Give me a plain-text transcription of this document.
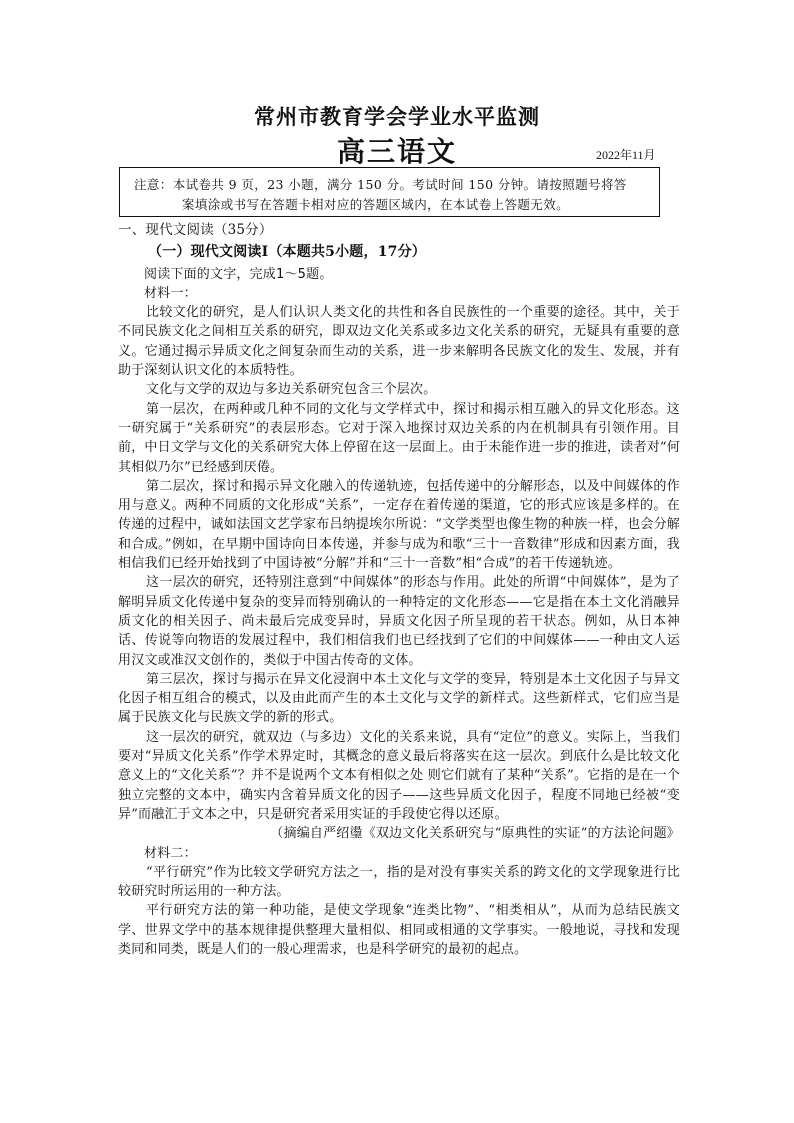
常州市教育学会学业水平监测
高三语文	2022年11月
注意：本试卷共 9 页，23 小题，满分 150 分。考试时间 150 分钟。请按照题号将答
案填涂或书写在答题卡相对应的答题区域内，在本试卷上答题无效。

一、现代文阅读（35分）

（一）现代文阅读Ⅰ（本题共5小题，17分）

阅读下面的文字，完成1～5题。

材料一：

比较文化的研究，是人们认识人类文化的共性和各自民族性的一个重要的途径。其中，关于不同民族文化之间相互关系的研究，即双边文化关系或多边文化关系的研究，无疑具有重要的意义。它通过揭示异质文化之间复杂而生动的关系，进一步来解明各民族文化的发生、发展，并有助于深刻认识文化的本质特性。

文化与文学的双边与多边关系研究包含三个层次。

第一层次，在两种或几种不同的文化与文学样式中，探讨和揭示相互融入的异文化形态。这一研究属于“关系研究”的表层形态。它对于深入地探讨双边关系的内在机制具有引领作用。目前，中日文学与文化的关系研究大体上停留在这一层面上。由于未能作进一步的推进，读者对“何其相似乃尔”已经感到厌倦。

第二层次，探讨和揭示异文化融入的传递轨迹，包括传递中的分解形态，以及中间媒体的作用与意义。两种不同质的文化形成“关系”，一定存在着传递的渠道，它的形式应该是多样的。在传递的过程中，诚如法国文艺学家布吕纳提埃尔所说：“文学类型也像生物的种族一样，也会分解和合成。”例如，在早期中国诗向日本传递，并参与成为和歌“三十一音数律”形成和因素方面，我相信我们已经开始找到了中国诗被“分解”并和“三十一音数”相“合成”的若干传递轨迹。

这一层次的研究，还特别注意到“中间媒体”的形态与作用。此处的所谓“中间媒体”，是为了解明异质文化传递中复杂的变异而特别确认的一种特定的文化形态——它是指在本土文化消融异质文化的相关因子、尚未最后完成变异时，异质文化因子所呈现的若干状态。例如，从日本神话、传说等向物语的发展过程中，我们相信我们也已经找到了它们的中间媒体——一种由文人运用汉文或准汉文创作的，类似于中国古传奇的文体。

第三层次，探讨与揭示在异文化浸润中本土文化与文学的变异，特别是本土文化因子与异文化因子相互组合的模式，以及由此而产生的本土文化与文学的新样式。这些新样式，它们应当是属于民族文化与民族文学的新的形式。

这一层次的研究，就双边（与多边）文化的关系来说，具有“定位”的意义。实际上，当我们要对“异质文化关系”作学术界定时，其概念的意义最后将落实在这一层次。到底什么是比较文化意义上的“文化关系”？并不是说两个文本有相似之处 则它们就有了某种“关系”。它指的是在一个独立完整的文本中，确实内含着异质文化的因子——这些异质文化因子，程度不同地已经被“变异”而融汇于文本之中，只是研究者采用实证的手段使它得以还原。

（摘编自严绍璗《双边文化关系研究与“原典性的实证”的方法论问题》

材料二：

“平行研究”作为比较文学研究方法之一，指的是对没有事实关系的跨文化的文学现象进行比较研究时所运用的一种方法。

平行研究方法的第一种功能，是使文学现象“连类比物”、“相类相从”，从而为总结民族文学、世界文学中的基本规律提供整理大量相似、相同或相通的文学事实。一般地说，寻找和发现类同和同类，既是人们的一般心理需求，也是科学研究的最初的起点。
